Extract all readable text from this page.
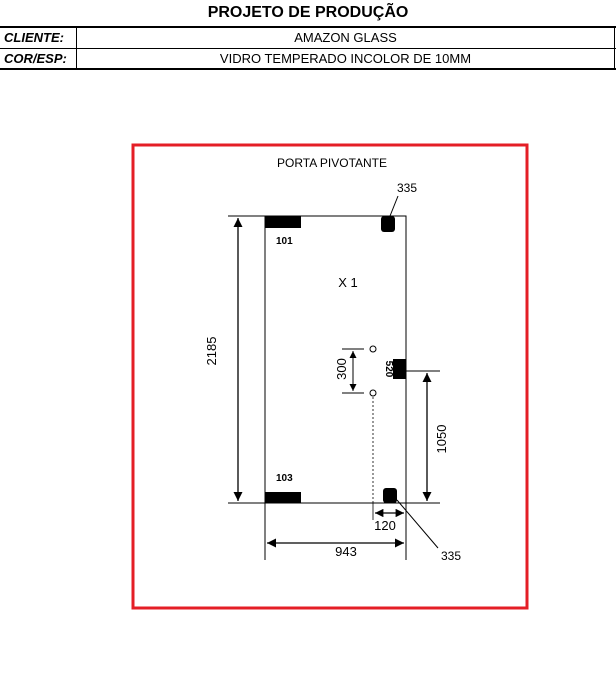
PROJETO DE PRODUÇÃO
CLIENTE:	AMAZON GLASS
COR/ESP:	VIDRO TEMPERADO INCOLOR DE 10MM
PORTA PIVOTANTE
X 1
101
103
335
335
520
300
2185
1050
120
943
